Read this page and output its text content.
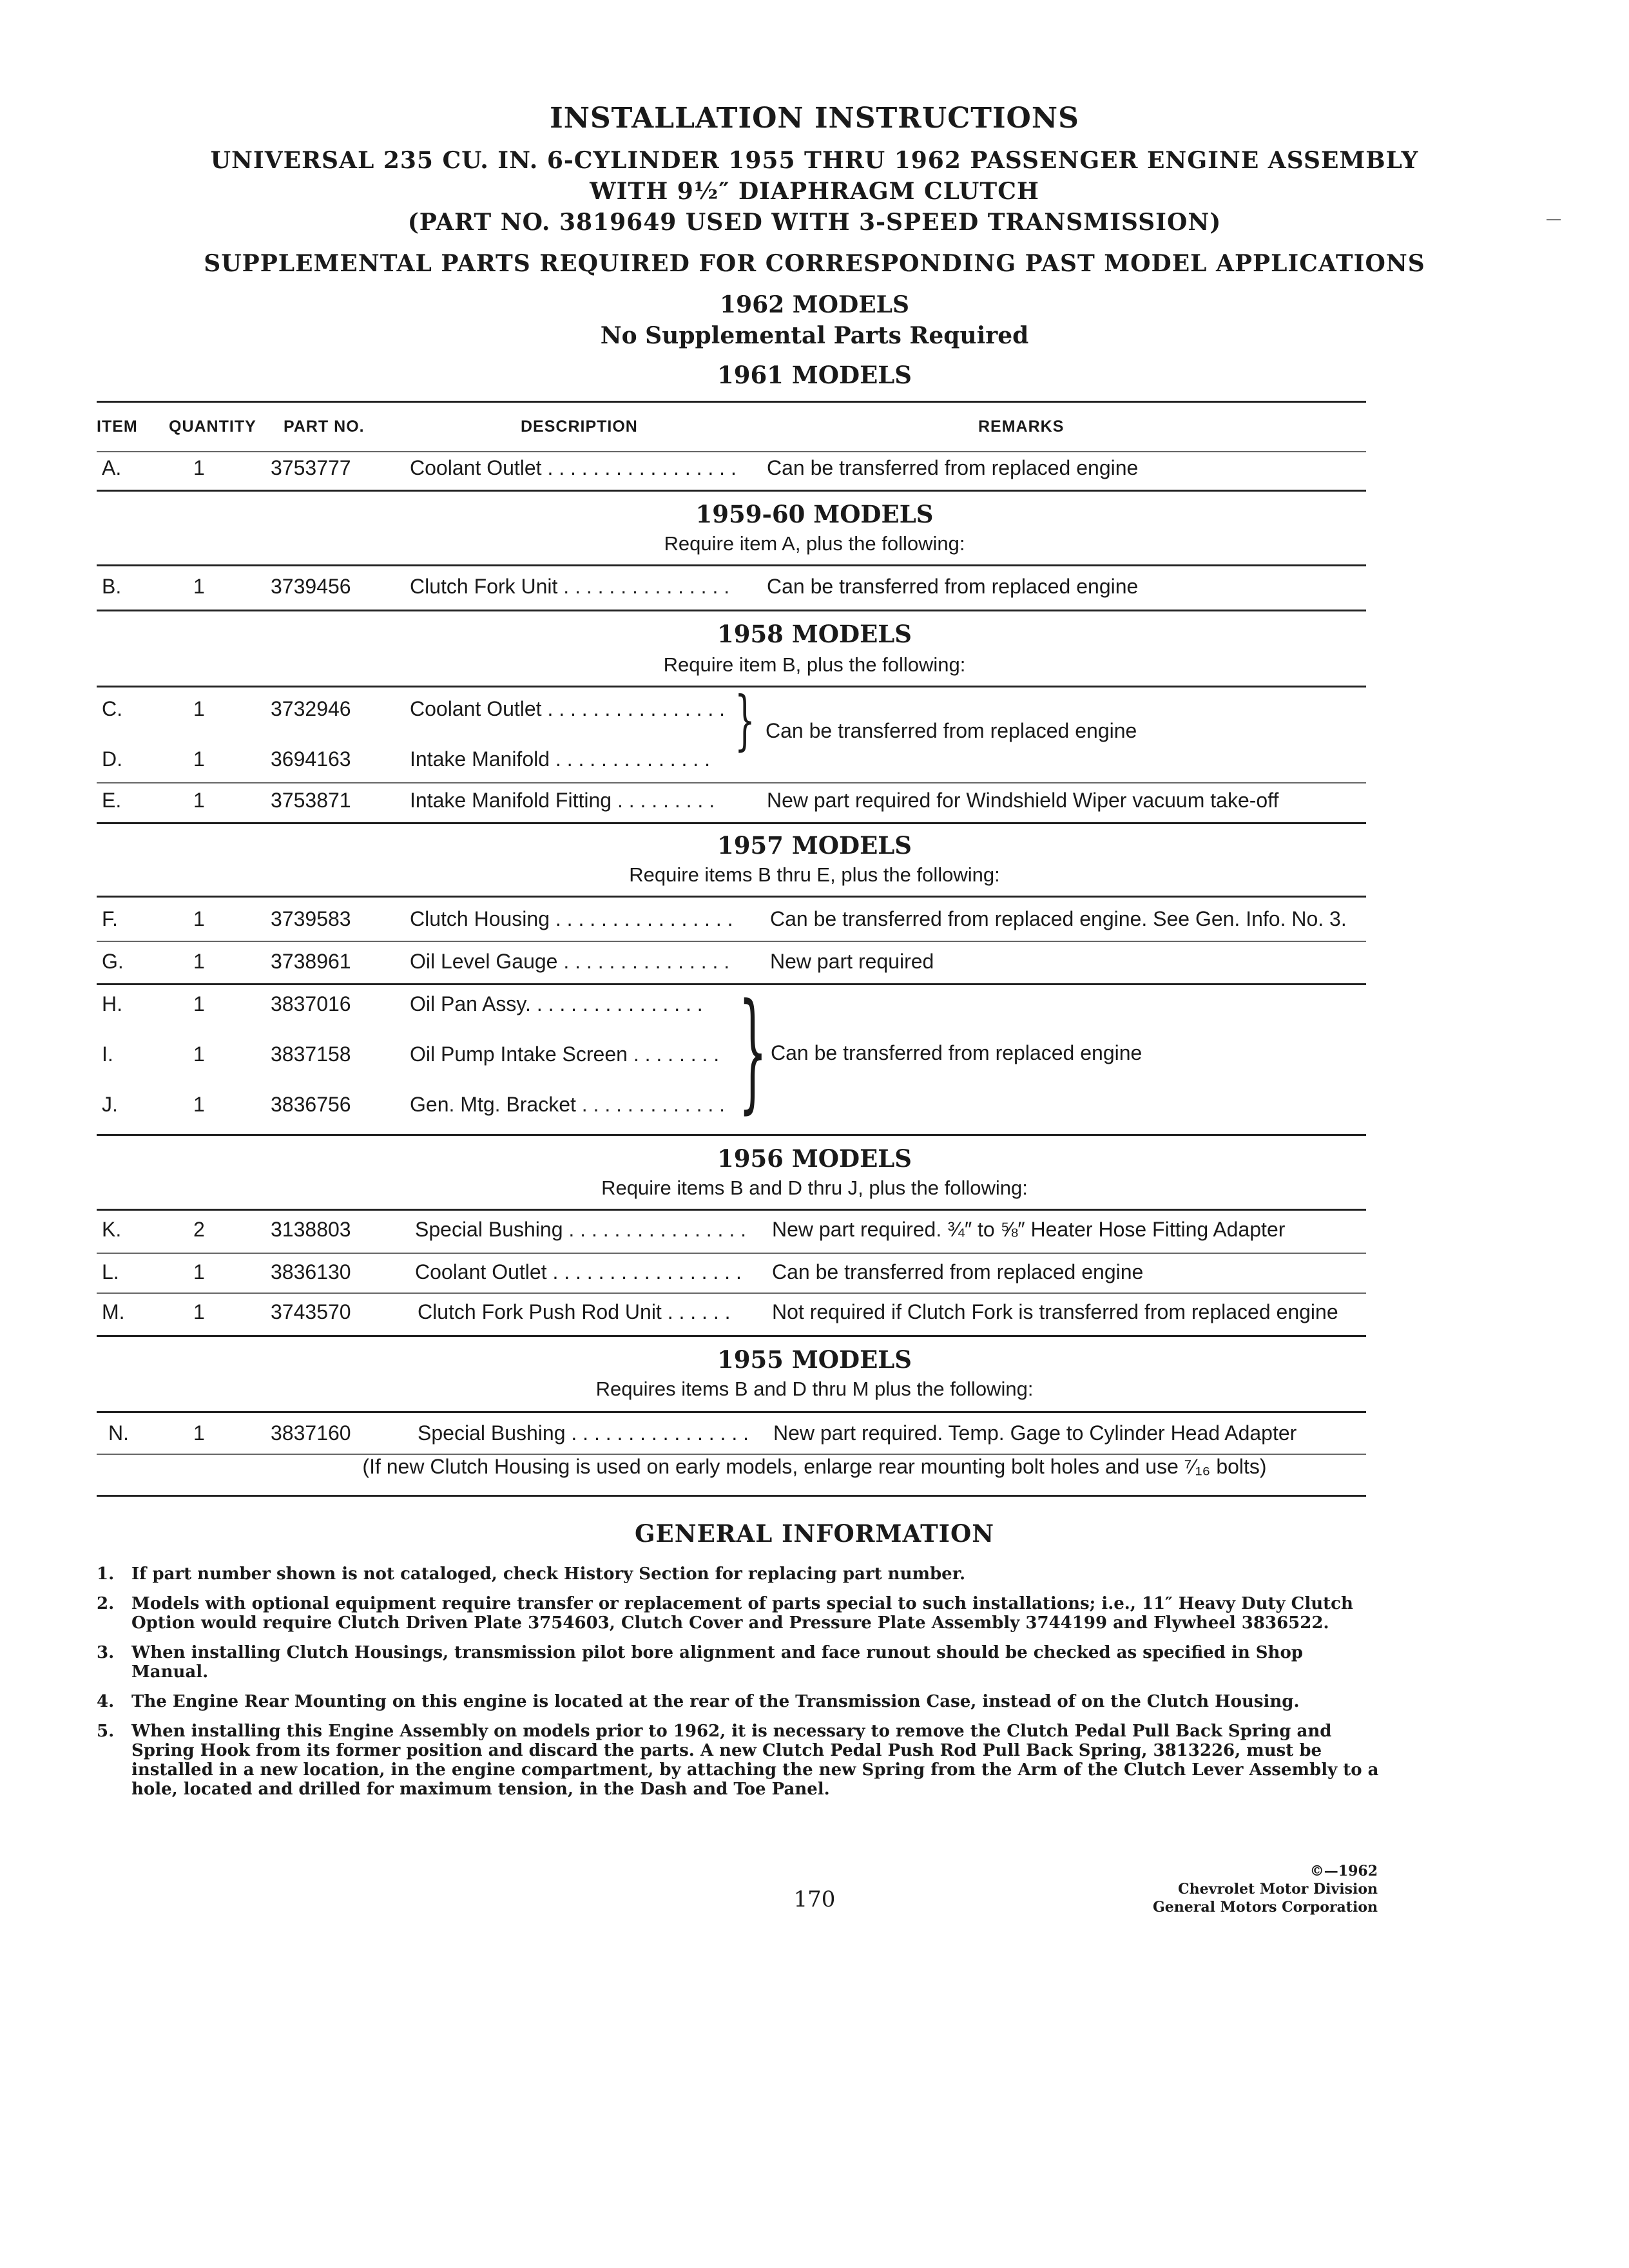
INSTALLATION INSTRUCTIONS
UNIVERSAL 235 CU. IN. 6-CYLINDER 1955 THRU 1962 PASSENGER ENGINE ASSEMBLY
WITH 9½″ DIAPHRAGM CLUTCH
(PART NO. 3819649 USED WITH 3-SPEED TRANSMISSION)
SUPPLEMENTAL PARTS REQUIRED FOR CORRESPONDING PAST MODEL APPLICATIONS
1962 MODELS
No Supplemental Parts Required
1961 MODELS
ITEM QUANTITY PART NO.	DESCRIPTION	REMARKS
A.	1	3753777	Coolant Outlet . . . . . . . . . . . . . . . . . Can be transferred from replaced engine
1959-60 MODELS
Require item A, plus the following:
B.	1	3739456	Clutch Fork Unit . . . . . . . . . . . . . . . Can be transferred from replaced engine
1958 MODELS
Require item B, plus the following:
C.	1	3732946	Coolant Outlet . . . . . . . . . . . . . . . .
D.	1	3694163	Intake Manifold . . . . . . . . . . . . . .
} Can be transferred from replaced engine
E.	1	3753871	Intake Manifold Fitting . . . . . . . . .	New part required for Windshield Wiper vacuum take-off
1957 MODELS
Require items B thru E, plus the following:
F.	1	3739583	Clutch Housing . . . . . . . . . . . . . . . . Can be transferred from replaced engine. See Gen. Info. No. 3.
G.	1	3738961	Oil Level Gauge . . . . . . . . . . . . . . . New part required
H.	1	3837016	Oil Pan Assy. . . . . . . . . . . . . . . .
I.	1	3837158	Oil Pump Intake Screen . . . . . . . .
J.	1	3836756	Gen. Mtg. Bracket . . . . . . . . . . . . . } Can be transferred from replaced engine
1956 MODELS
Require items B and D thru J, plus the following:
K.	2	3138803	Special Bushing . . . . . . . . . . . . . . . . New part required. ¾″ to ⅝″ Heater Hose Fitting Adapter
L.	1	3836130	Coolant Outlet . . . . . . . . . . . . . . . . . Can be transferred from replaced engine
M.	1	3743570	Clutch Fork Push Rod Unit . . . . . . Not required if Clutch Fork is transferred from replaced engine
1955 MODELS
Requires items B and D thru M plus the following:
N.	1	3837160	Special Bushing . . . . . . . . . . . . . . . . New part required. Temp. Gage to Cylinder Head Adapter
(If new Clutch Housing is used on early models, enlarge rear mounting bolt holes and use ⁷⁄₁₆ bolts)
GENERAL INFORMATION
1. If part number shown is not cataloged, check History Section for replacing part number.
2. Models with optional equipment require transfer or replacement of parts special to such installations; i.e., 11″ Heavy Duty Clutch Option would require Clutch Driven Plate 3754603, Clutch Cover and Pressure Plate Assembly 3744199 and Flywheel 3836522.
3. When installing Clutch Housings, transmission pilot bore alignment and face runout should be checked as specified in Shop Manual.
4. The Engine Rear Mounting on this engine is located at the rear of the Transmission Case, instead of on the Clutch Housing.
5. When installing this Engine Assembly on models prior to 1962, it is necessary to remove the Clutch Pedal Pull Back Spring and Spring Hook from its former position and discard the parts. A new Clutch Pedal Push Rod Pull Back Spring, 3813226, must be installed in a new location, in the engine compartment, by attaching the new Spring from the Arm of the Clutch Lever Assembly to a hole, located and drilled for maximum tension, in the Dash and Toe Panel.
170
©—1962
Chevrolet Motor Division
General Motors Corporation
